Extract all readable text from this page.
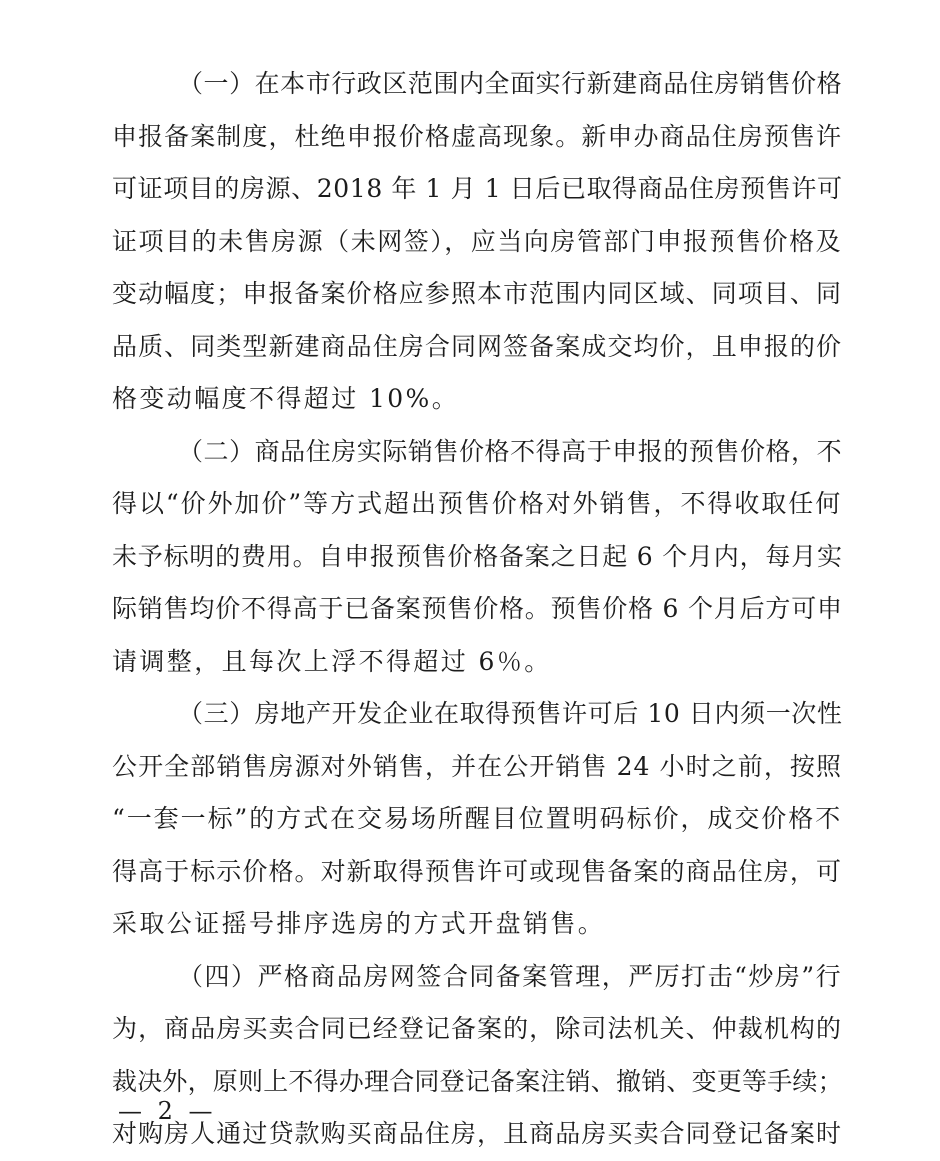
（一）在本市行政区范围内全面实行新建商品住房销售价格
申报备案制度，杜绝申报价格虚高现象。新申办商品住房预售许
可证项目的房源、2018 年 1 月 1 日后已取得商品住房预售许可
证项目的未售房源（未网签），应当向房管部门申报预售价格及
变动幅度；申报备案价格应参照本市范围内同区域、同项目、同
品质、同类型新建商品住房合同网签备案成交均价，且申报的价
格变动幅度不得超过 10%。
（二）商品住房实际销售价格不得高于申报的预售价格，不
得以“价外加价”等方式超出预售价格对外销售，不得收取任何
未予标明的费用。自申报预售价格备案之日起 6 个月内，每月实
际销售均价不得高于已备案预售价格。预售价格 6 个月后方可申
请调整，且每次上浮不得超过 6％。
（三）房地产开发企业在取得预售许可后 10 日内须一次性
公开全部销售房源对外销售，并在公开销售 24 小时之前，按照
“一套一标”的方式在交易场所醒目位置明码标价，成交价格不
得高于标示价格。对新取得预售许可或现售备案的商品住房，可
采取公证摇号排序选房的方式开盘销售。
（四）严格商品房网签合同备案管理，严厉打击“炒房”行
为，商品房买卖合同已经登记备案的，除司法机关、仲裁机构的
裁决外，原则上不得办理合同登记备案注销、撤销、变更等手续；
对购房人通过贷款购买商品住房，且商品房买卖合同登记备案时
— 2 —
